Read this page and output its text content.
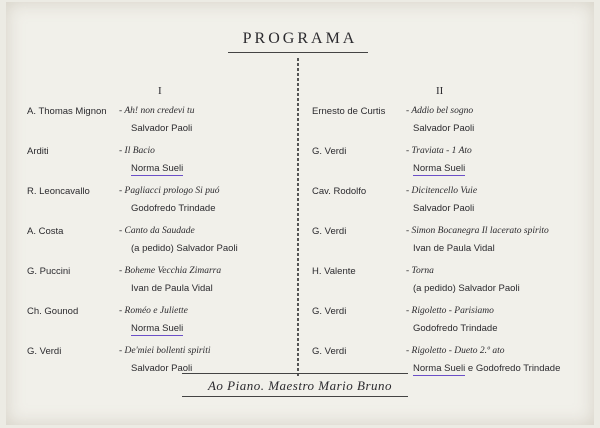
PROGRAMA
I	II
A. Thomas Mignon - Ah! non credevi tu
Salvador Paoli
Arditi	- Il Bacio
Norma Sueli
R. Leoncavallo	- Pagliacci prologo Si puó
Godofredo Trindade
A. Costa	- Canto da Saudade
(a pedido) Salvador Paoli
G. Puccini	- Boheme Vecchia Zimarra
Ivan de Paula Vidal
Ch. Gounod	- Roméo e Juliette
Norma Sueli
G. Verdi	- De'miei bollenti spiriti
Salvador Paoli
Ernesto de Curtis - Addio bel sogno
Salvador Paoli
G. Verdi	- Traviata - 1 Ato
Norma Sueli
Cav. Rodolfo	- Dicitencello Vuie
Salvador Paoli
G. Verdi	- Simon Bocanegra Il lacerato spirito
Ivan de Paula Vidal
H. Valente	- Torna
(a pedido) Salvador Paoli
G. Verdi	- Rigoletto - Parisiamo
Godofredo Trindade
G. Verdi	- Rigoletto - Dueto 2.º ato
Norma Sueli e Godofredo Trindade
Ao Piano. Maestro Mario Bruno
